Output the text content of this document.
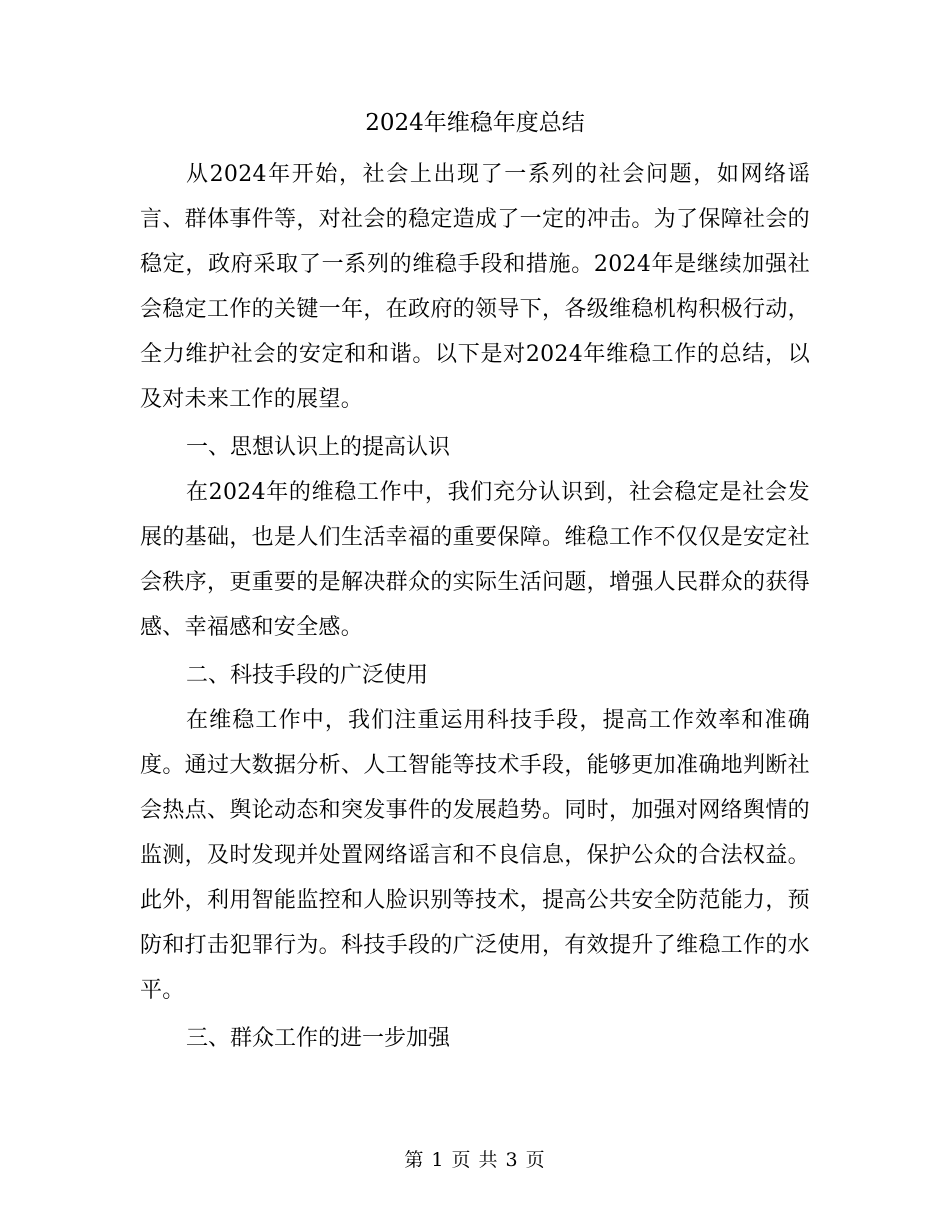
2024年维稳年度总结

从2024年开始，社会上出现了一系列的社会问题，如网络谣言、群体事件等，对社会的稳定造成了一定的冲击。为了保障社会的稳定，政府采取了一系列的维稳手段和措施。2024年是继续加强社会稳定工作的关键一年，在政府的领导下，各级维稳机构积极行动，全力维护社会的安定和和谐。以下是对2024年维稳工作的总结，以及对未来工作的展望。

一、思想认识上的提高认识

在2024年的维稳工作中，我们充分认识到，社会稳定是社会发展的基础，也是人们生活幸福的重要保障。维稳工作不仅仅是安定社会秩序，更重要的是解决群众的实际生活问题，增强人民群众的获得感、幸福感和安全感。

二、科技手段的广泛使用

在维稳工作中，我们注重运用科技手段，提高工作效率和准确度。通过大数据分析、人工智能等技术手段，能够更加准确地判断社会热点、舆论动态和突发事件的发展趋势。同时，加强对网络舆情的监测，及时发现并处置网络谣言和不良信息，保护公众的合法权益。此外，利用智能监控和人脸识别等技术，提高公共安全防范能力，预防和打击犯罪行为。科技手段的广泛使用，有效提升了维稳工作的水平。

三、群众工作的进一步加强

第 1 页 共 3 页
